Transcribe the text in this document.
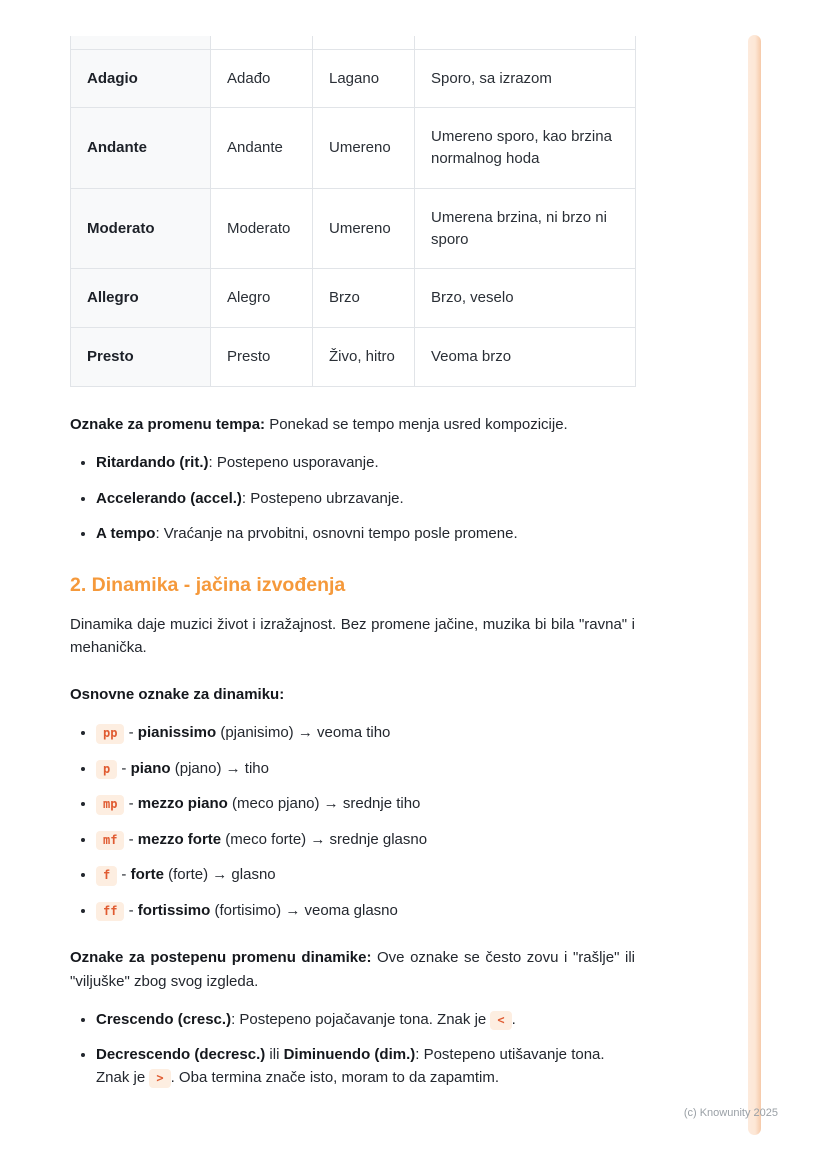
Adagio	Adađo	Lagano	Sporo, sa izrazom
Andante	Andante	Umereno	Umereno sporo, kao brzina normalnog hoda
Moderato	Moderato	Umereno	Umerena brzina, ni brzo ni sporo
Allegro	Alegro	Brzo	Brzo, veselo
Presto	Presto	Živo, hitro	Veoma brzo

Oznake za promenu tempa: Ponekad se tempo menja usred kompozicije.

• Ritardando (rit.): Postepeno usporavanje.
• Accelerando (accel.): Postepeno ubrzavanje.
• A tempo: Vraćanje na prvobitni, osnovni tempo posle promene.
2. Dinamika - jačina izvođenja

Dinamika daje muzici život i izražajnost. Bez promene jačine, muzika bi bila "ravna" i mehanička.

Osnovne oznake za dinamiku:

• pp - pianissimo (pjanisimo) → veoma tiho
• p - piano (pjano) → tiho
• mp - mezzo piano (meco pjano) → srednje tiho
• mf - mezzo forte (meco forte) → srednje glasno
• f - forte (forte) → glasno
• ff - fortissimo (fortisimo) → veoma glasno

Oznake za postepenu promenu dinamike: Ove oznake se često zovu i "rašlje" ili "viljuške" zbog svog izgleda.

• Crescendo (cresc.): Postepeno pojačavanje tona. Znak je < .
• Decrescendo (decresc.) ili Diminuendo (dim.): Postepeno utišavanje tona. Znak je > . Oba termina znače isto, moram to da zapamtim.
(c) Knowunity 2025
